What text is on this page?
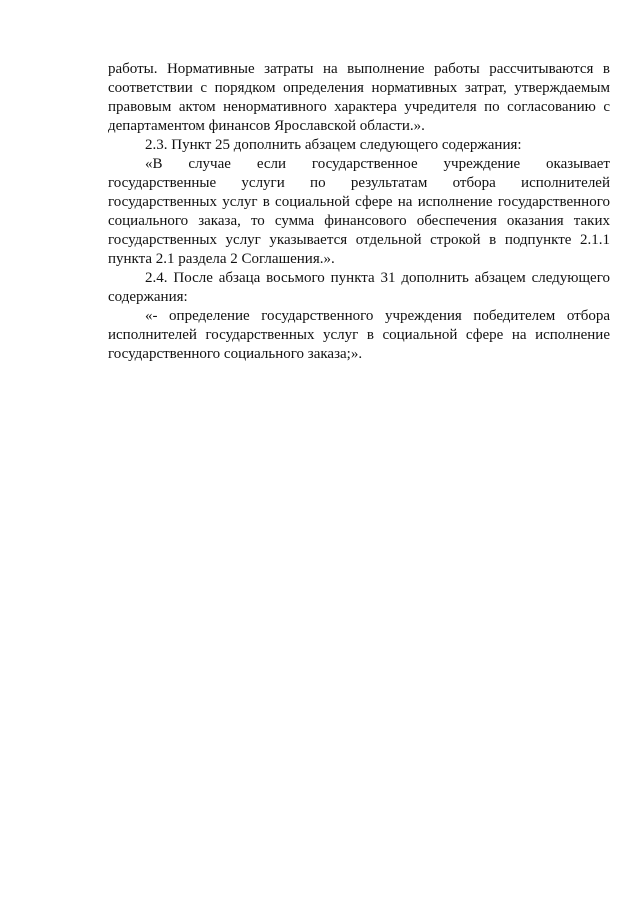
работы. Нормативные затраты на выполнение работы рассчитываются в соответствии с порядком определения нормативных затрат, утверждаемым правовым актом ненормативного характера учредителя по согласованию с департаментом финансов Ярославской области.».

2.3. Пункт 25 дополнить абзацем следующего содержания:

«В случае если государственное учреждение оказывает государственные услуги по результатам отбора исполнителей государственных услуг в социальной сфере на исполнение государственного социального заказа, то сумма финансового обеспечения оказания таких государственных услуг указывается отдельной строкой в подпункте 2.1.1 пункта 2.1 раздела 2 Соглашения.».

2.4. После абзаца восьмого пункта 31 дополнить абзацем следующего содержания:

«- определение государственного учреждения победителем отбора исполнителей государственных услуг в социальной сфере на исполнение государственного социального заказа;».
